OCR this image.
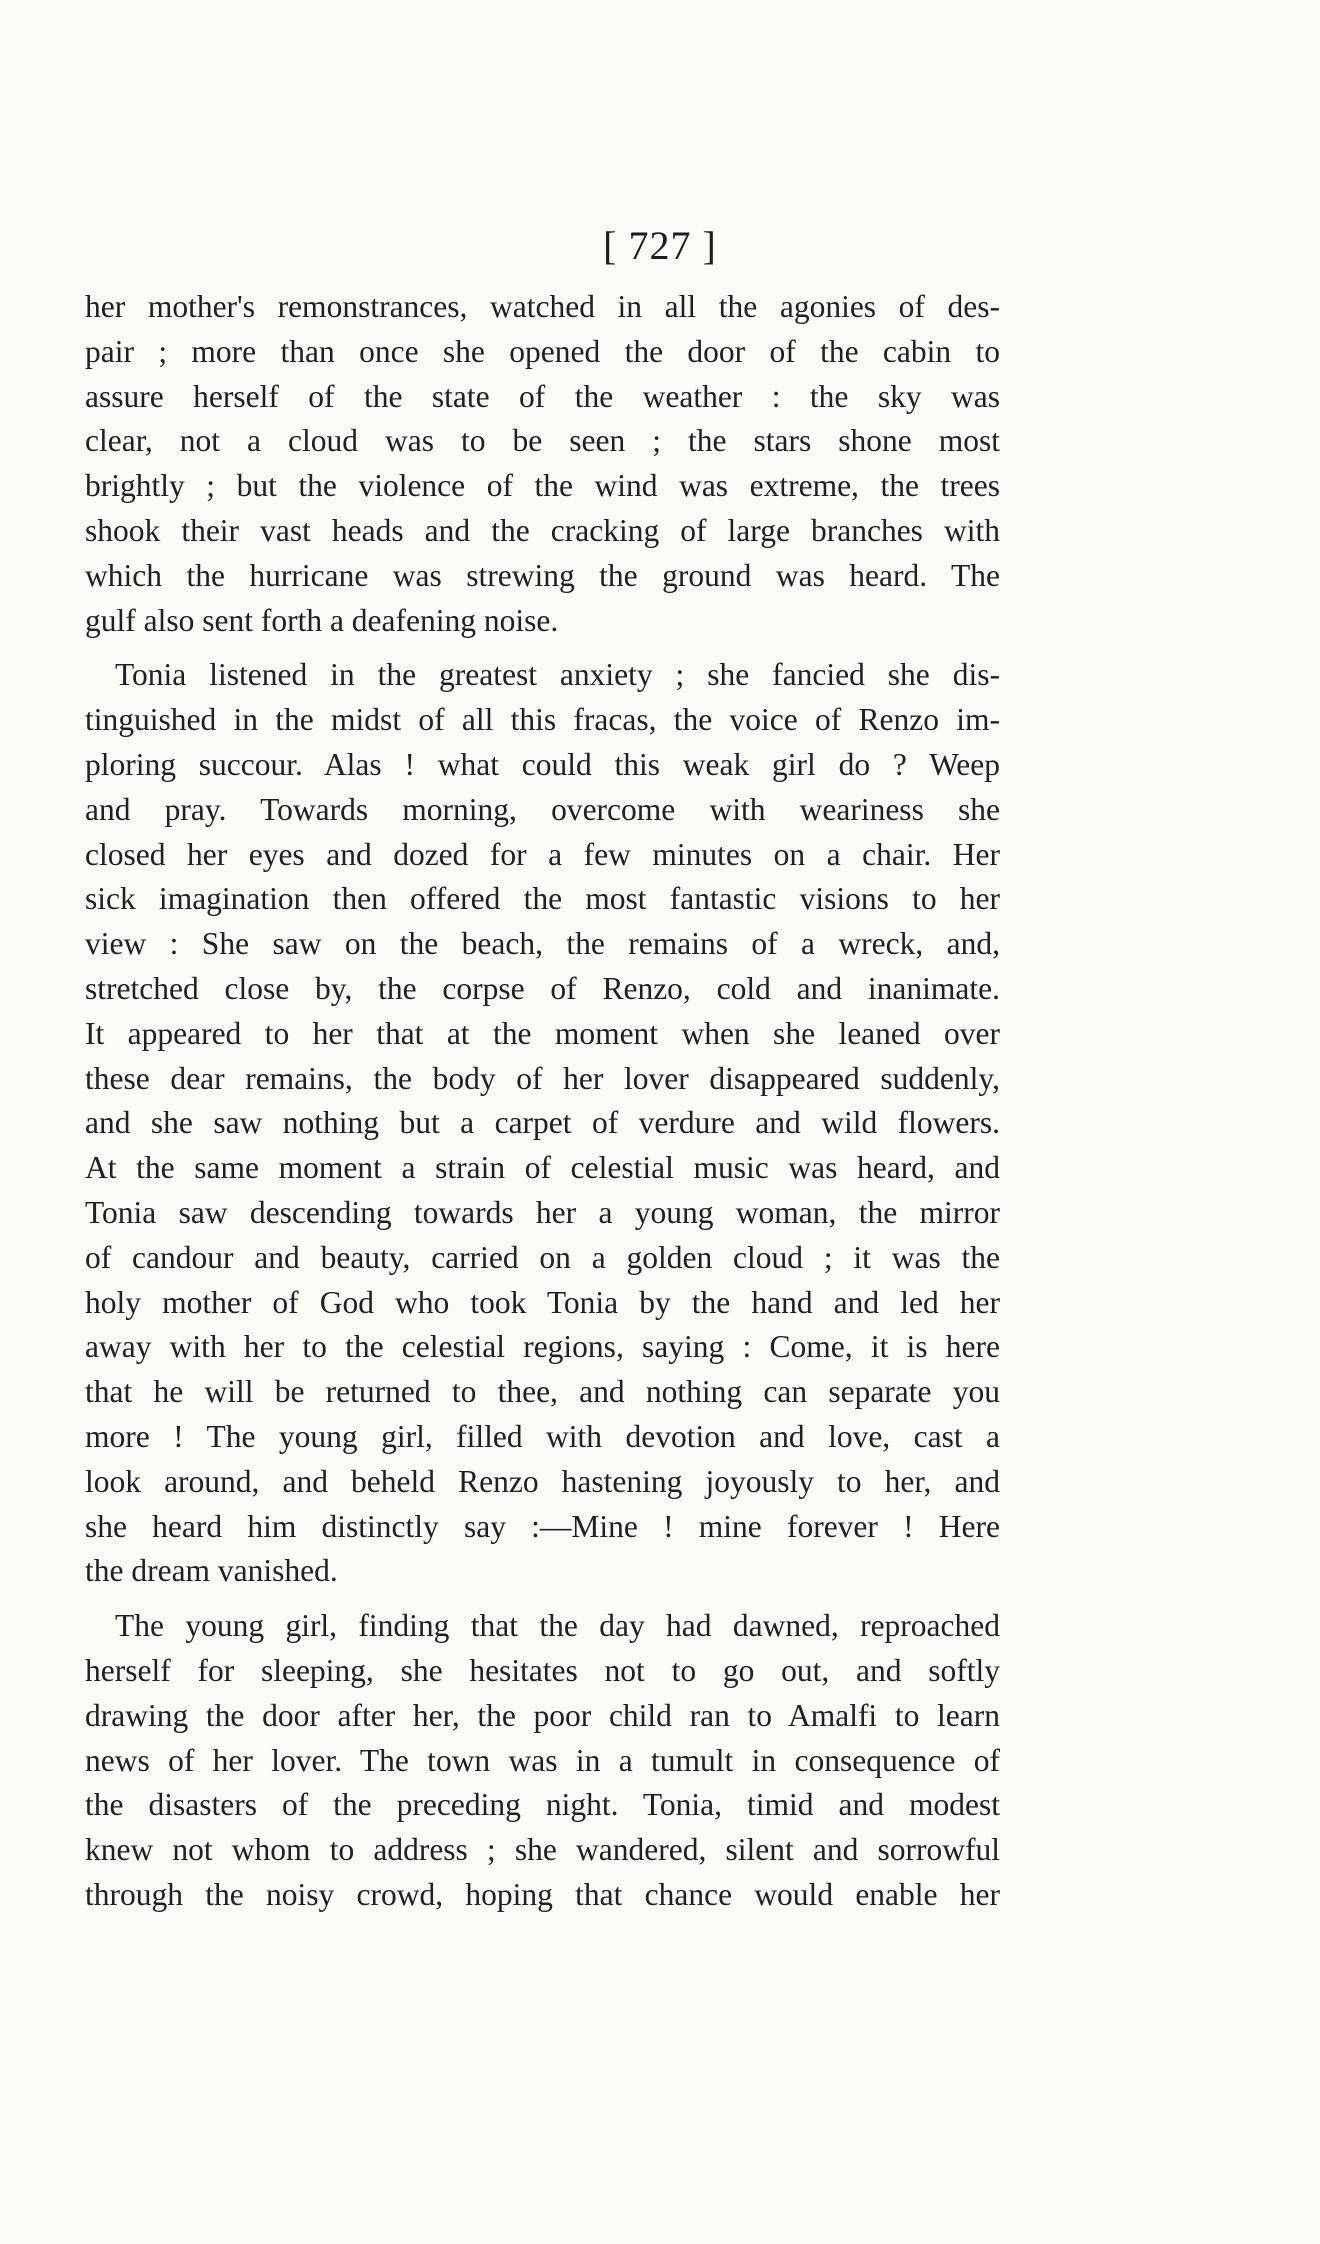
[ 727 ]
her mother's remonstrances, watched in all the agonies of des-
pair ; more than once she opened the door of the cabin to
assure herself of the state of the weather : the sky was
clear, not a cloud was to be seen ; the stars shone most
brightly ; but the violence of the wind was extreme, the trees
shook their vast heads and the cracking of large branches with
which the hurricane was strewing the ground was heard. The
gulf also sent forth a deafening noise.
Tonia listened in the greatest anxiety ; she fancied she dis-
tinguished in the midst of all this fracas, the voice of Renzo im-
ploring succour. Alas ! what could this weak girl do ? Weep
and pray. Towards morning, overcome with weariness she
closed her eyes and dozed for a few minutes on a chair. Her
sick imagination then offered the most fantastic visions to her
view : She saw on the beach, the remains of a wreck, and,
stretched close by, the corpse of Renzo, cold and inanimate.
It appeared to her that at the moment when she leaned over
these dear remains, the body of her lover disappeared suddenly,
and she saw nothing but a carpet of verdure and wild flowers.
At the same moment a strain of celestial music was heard, and
Tonia saw descending towards her a young woman, the mirror
of candour and beauty, carried on a golden cloud ; it was the
holy mother of God who took Tonia by the hand and led her
away with her to the celestial regions, saying : Come, it is here
that he will be returned to thee, and nothing can separate you
more ! The young girl, filled with devotion and love, cast a
look around, and beheld Renzo hastening joyously to her, and
she heard him distinctly say :—Mine ! mine forever ! Here
the dream vanished.
The young girl, finding that the day had dawned, reproached
herself for sleeping, she hesitates not to go out, and softly
drawing the door after her, the poor child ran to Amalfi to learn
news of her lover. The town was in a tumult in consequence of
the disasters of the preceding night. Tonia, timid and modest
knew not whom to address ; she wandered, silent and sorrowful
through the noisy crowd, hoping that chance would enable her
